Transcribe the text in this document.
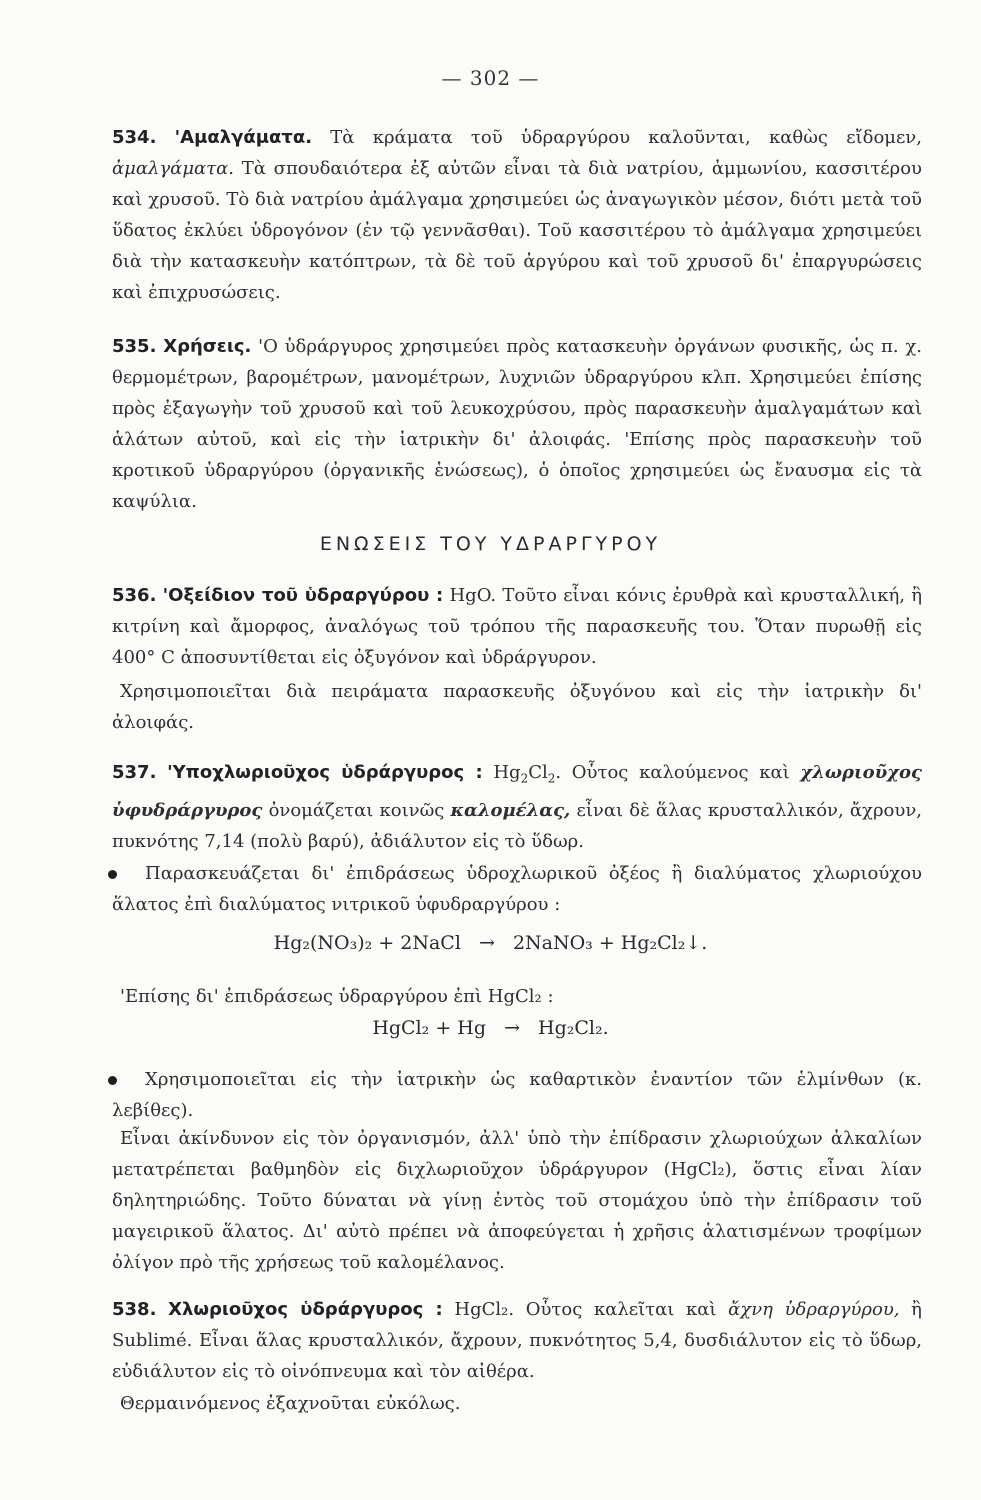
— 302 —
534. 'Αμαλγάματα. Τὰ κράματα τοῦ ὑδραργύρου καλοῦνται, καθὼς εἴδομεν, ἀμαλγάματα. Τὰ σπουδαιότερα ἐξ αὐτῶν εἶναι τὰ διὰ νατρίου, ἀμμωνίου, κασσιτέρου καὶ χρυσοῦ. Τὸ διὰ νατρίου ἀμάλγαμα χρησιμεύει ὡς ἀναγωγικὸν μέσον, διότι μετὰ τοῦ ὕδατος ἐκλύει ὑδρογόνον (ἐν τῷ γεννᾶσθαι). Τοῦ κασσιτέρου τὸ ἀμάλγαμα χρησιμεύει διὰ τὴν κατασκευὴν κατόπτρων, τὰ δὲ τοῦ ἀργύρου καὶ τοῦ χρυσοῦ δι' ἐπαργυρώσεις καὶ ἐπιχρυσώσεις.
535. Χρήσεις. 'Ο ὑδράργυρος χρησιμεύει πρὸς κατασκευὴν ὀργάνων φυσικῆς, ὡς π. χ. θερμομέτρων, βαρομέτρων, μανομέτρων, λυχνιῶν ὑδραργύρου κλπ. Χρησιμεύει ἐπίσης πρὸς ἐξαγωγὴν τοῦ χρυσοῦ καὶ τοῦ λευκοχρύσου, πρὸς παρασκευὴν ἀμαλγαμάτων καὶ ἁλάτων αὐτοῦ, καὶ εἰς τὴν ἰατρικὴν δι' ἀλοιφάς. 'Επίσης πρὸς παρασκευὴν τοῦ κροτικοῦ ὑδραργύρου (ὀργανικῆς ἑνώσεως), ὁ ὁποῖος χρησιμεύει ὡς ἔναυσμα εἰς τὰ καψύλια.
ΕΝΩΣΕΙΣ ΤΟΥ ΥΔΡΑΡΓΥΡΟΥ
536. 'Οξείδιον τοῦ ὑδραργύρου : HgO. Τοῦτο εἶναι κόνις ἐρυθρὰ καὶ κρυσταλλική, ἢ κιτρίνη καὶ ἄμορφος, ἀναλόγως τοῦ τρόπου τῆς παρασκευῆς του. Ὅταν πυρωθῇ εἰς 400° C ἀποσυντίθεται εἰς ὀξυγόνον καὶ ὑδράργυρον.
Χρησιμοποιεῖται διὰ πειράματα παρασκευῆς ὀξυγόνου καὶ εἰς τὴν ἰατρικὴν δι' ἀλοιφάς.
537. 'Υποχλωριοῦχος ὑδράργυρος : $Hg_2Cl_2$. Οὗτος καλούμενος καὶ χλωριοῦχος ὑφυδράργυρος ὀνομάζεται κοινῶς καλομέλας, εἶναι δὲ ἅλας κρυσταλλικόν, ἄχρουν, πυκνότης 7,14 (πολὺ βαρύ), ἀδιάλυτον εἰς τὸ ὕδωρ.
Παρασκευάζεται δι' ἐπιδράσεως ὑδροχλωρικοῦ ὀξέος ἢ διαλύματος χλωριούχου ἅλατος ἐπὶ διαλύματος νιτρικοῦ ὑφυδραργύρου :
Hg₂(NO₃)₂ + 2NaCl → 2NaNO₃ + Hg₂Cl₂↓.
'Επίσης δι' ἐπιδράσεως ὑδραργύρου ἐπὶ HgCl₂ :
HgCl₂ + Hg → Hg₂Cl₂.
Χρησιμοποιεῖται εἰς τὴν ἰατρικὴν ὡς καθαρτικὸν ἐναντίον τῶν ἑλμίνθων (κ. λεβίθες).
Εἶναι ἀκίνδυνον εἰς τὸν ὀργανισμόν, ἀλλ' ὑπὸ τὴν ἐπίδρασιν χλωριούχων ἀλκαλίων μετατρέπεται βαθμηδὸν εἰς διχλωριοῦχον ὑδράργυρον (HgCl₂), ὅστις εἶναι λίαν δηλητηριώδης. Τοῦτο δύναται νὰ γίνῃ ἐντὸς τοῦ στομάχου ὑπὸ τὴν ἐπίδρασιν τοῦ μαγειρικοῦ ἅλατος. Δι' αὐτὸ πρέπει νὰ ἀποφεύγεται ἡ χρῆσις ἁλατισμένων τροφίμων ὀλίγον πρὸ τῆς χρήσεως τοῦ καλομέλανος.
538. Χλωριοῦχος ὑδράργυρος : HgCl₂. Οὗτος καλεῖται καὶ ἄχνη ὑδραργύρου, ἢ Sublimé. Εἶναι ἅλας κρυσταλλικόν, ἄχρουν, πυκνότητος 5,4, δυσδιάλυτον εἰς τὸ ὕδωρ, εὐδιάλυτον εἰς τὸ οἰνόπνευμα καὶ τὸν αἰθέρα.
Θερμαινόμενος ἐξαχνοῦται εὐκόλως.
